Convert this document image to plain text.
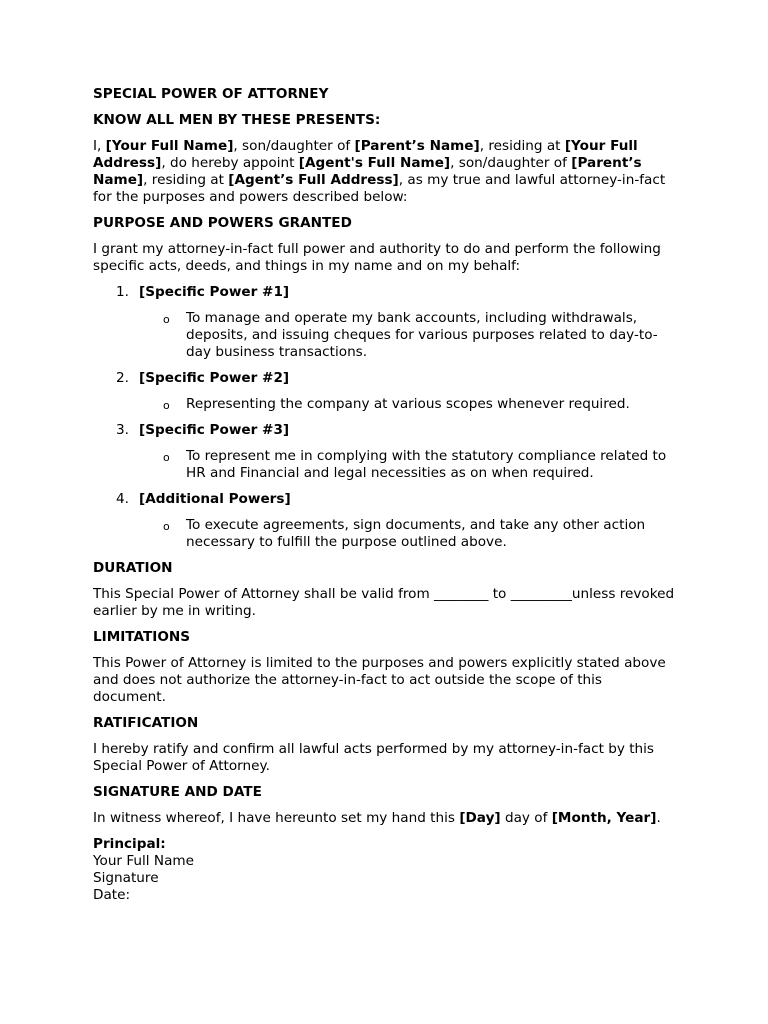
SPECIAL POWER OF ATTORNEY
KNOW ALL MEN BY THESE PRESENTS:
I, [Your Full Name], son/daughter of [Parent’s Name], residing at [Your Full Address], do hereby appoint [Agent's Full Name], son/daughter of [Parent’s Name], residing at [Agent’s Full Address], as my true and lawful attorney-in-fact for the purposes and powers described below:
PURPOSE AND POWERS GRANTED
I grant my attorney-in-fact full power and authority to do and perform the following specific acts, deeds, and things in my name and on my behalf:
1. [Specific Power #1]
o To manage and operate my bank accounts, including withdrawals, deposits, and issuing cheques for various purposes related to day-to-day business transactions.
2. [Specific Power #2]
o Representing the company at various scopes whenever required.
3. [Specific Power #3]
o To represent me in complying with the statutory compliance related to HR and Financial and legal necessities as on when required.
4. [Additional Powers]
o To execute agreements, sign documents, and take any other action necessary to fulfill the purpose outlined above.
DURATION
This Special Power of Attorney shall be valid from ________ to _________unless revoked earlier by me in writing.
LIMITATIONS
This Power of Attorney is limited to the purposes and powers explicitly stated above and does not authorize the attorney-in-fact to act outside the scope of this document.
RATIFICATION
I hereby ratify and confirm all lawful acts performed by my attorney-in-fact by this Special Power of Attorney.
SIGNATURE AND DATE
In witness whereof, I have hereunto set my hand this [Day] day of [Month, Year].
Principal:
Your Full Name
Signature
Date:
